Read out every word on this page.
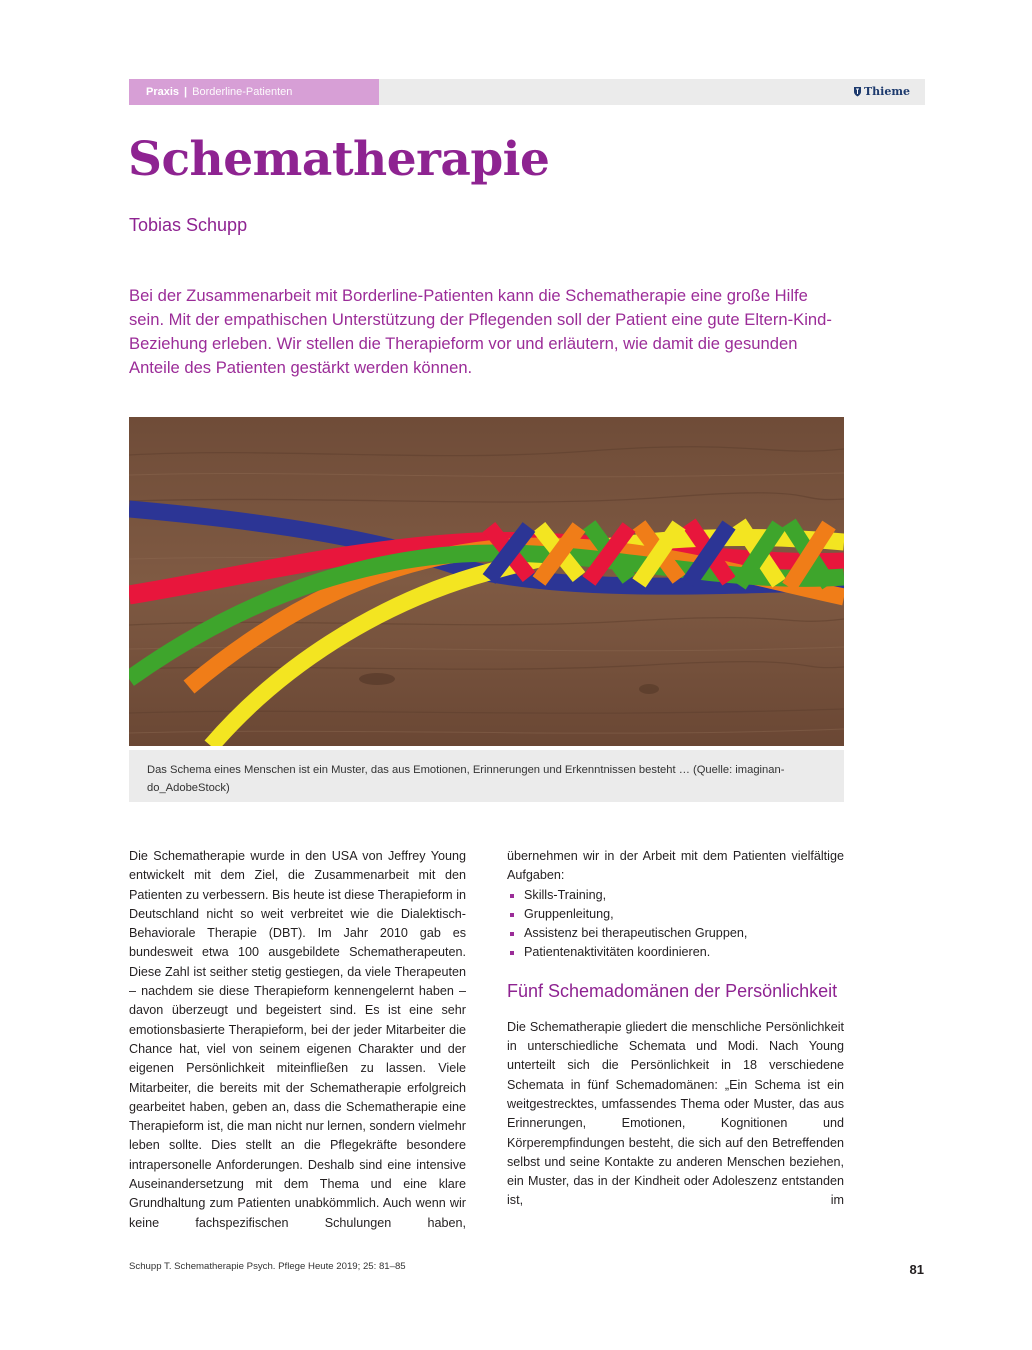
Praxis | Borderline-Patienten	Thieme
Schematherapie
Tobias Schupp

Bei der Zusammenarbeit mit Borderline-Patienten kann die Schematherapie eine große Hilfe sein. Mit der empathischen Unterstützung der Pflegenden soll der Patient eine gute Eltern-Kind-Beziehung erleben. Wir stellen die Therapieform vor und erläutern, wie damit die gesunden Anteile des Patienten gestärkt werden können.

Das Schema eines Menschen ist ein Muster, das aus Emotionen, Erinnerungen und Erkenntnissen besteht … (Quelle: imaginan-do_AdobeStock)

Die Schematherapie wurde in den USA von Jeffrey Young entwickelt mit dem Ziel, die Zusammenarbeit mit den Patienten zu verbessern. Bis heute ist diese Therapieform in Deutschland nicht so weit verbreitet wie die Dialektisch-Behaviorale Therapie (DBT). Im Jahr 2010 gab es bundesweit etwa 100 ausgebildete Schematherapeuten. Diese Zahl ist seither stetig gestiegen, da viele Therapeuten – nachdem sie diese Therapieform kennengelernt haben – davon überzeugt und begeistert sind. Es ist eine sehr emotionsbasierte Therapieform, bei der jeder Mitarbeiter die Chance hat, viel von seinem eigenen Charakter und der eigenen Persönlichkeit miteinfließen zu lassen. Viele Mitarbeiter, die bereits mit der Schematherapie erfolgreich gearbeitet haben, geben an, dass die Schematherapie eine Therapieform ist, die man nicht nur lernen, sondern vielmehr leben sollte. Dies stellt an die Pflegekräfte besondere intrapersonelle Anforderungen. Deshalb sind eine intensive Auseinandersetzung mit dem Thema und eine klare Grundhaltung zum Patienten unabkömmlich. Auch wenn wir keine fachspezifischen Schulungen haben,

übernehmen wir in der Arbeit mit dem Patienten vielfältige Aufgaben:

Skills-Training,
Gruppenleitung,
Assistenz bei therapeutischen Gruppen,
Patientenaktivitäten koordinieren.
Fünf Schemadomänen der Persönlichkeit

Die Schematherapie gliedert die menschliche Persönlichkeit in unterschiedliche Schemata und Modi. Nach Young unterteilt sich die Persönlichkeit in 18 verschiedene Schemata in fünf Schemadomänen: „Ein Schema ist ein weitgestrecktes, umfassendes Thema oder Muster, das aus Erinnerungen, Emotionen, Kognitionen und Körperempfindungen besteht, die sich auf den Betreffenden selbst und seine Kontakte zu anderen Menschen beziehen, ein Muster, das in der Kindheit oder Adoleszenz entstanden ist, im

Schupp T. Schematherapie Psych. Pflege Heute 2019; 25: 81–85	81
